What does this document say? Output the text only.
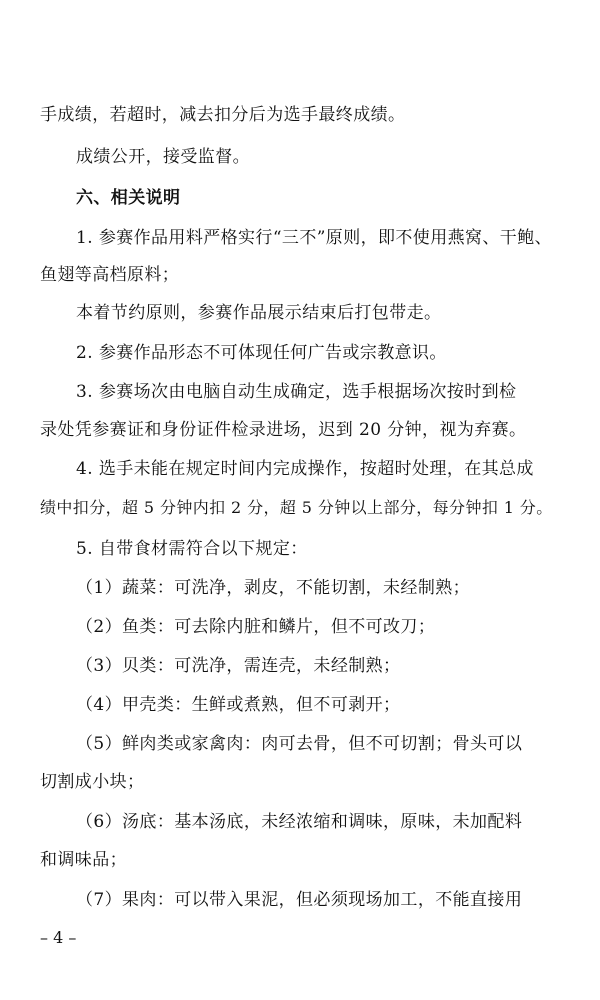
手成绩，若超时，减去扣分后为选手最终成绩。
成绩公开，接受监督。
六、相关说明
1. 参赛作品用料严格实行“三不”原则，即不使用燕窝、干鲍、
鱼翅等高档原料；
本着节约原则，参赛作品展示结束后打包带走。
2. 参赛作品形态不可体现任何广告或宗教意识。
3. 参赛场次由电脑自动生成确定，选手根据场次按时到检
录处凭参赛证和身份证件检录进场，迟到 20 分钟，视为弃赛。
4. 选手未能在规定时间内完成操作，按超时处理，在其总成
绩中扣分，超 5 分钟内扣 2 分，超 5 分钟以上部分，每分钟扣 1 分。
5. 自带食材需符合以下规定：
（1）蔬菜：可洗净，剥皮，不能切割，未经制熟；
（2）鱼类：可去除内脏和鳞片，但不可改刀；
（3）贝类：可洗净，需连壳，未经制熟；
（4）甲壳类：生鲜或煮熟，但不可剥开；
（5）鲜肉类或家禽肉：肉可去骨，但不可切割；骨头可以
切割成小块；
（6）汤底：基本汤底，未经浓缩和调味，原味，未加配料
和调味品；
（7）果肉：可以带入果泥，但必须现场加工，不能直接用
– 4 –
